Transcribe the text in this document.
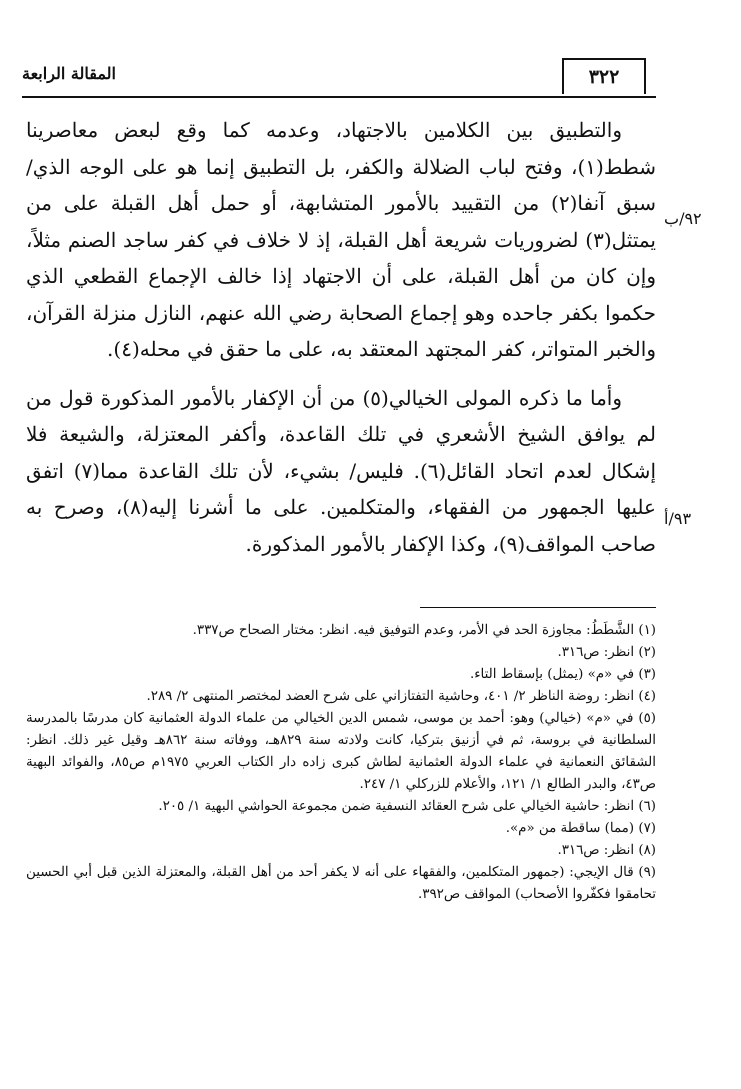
٣٢٢
المقالة الرابعة
٩٢/ب
٩٣/أ

والتطبيق بين الكلامين بالاجتهاد، وعدمه كما وقع لبعض معاصرينا شطط(١)، وفتح لباب الضلالة والكفر، بل التطبيق إنما هو على الوجه الذي/ سبق آنفا(٢) من التقييد بالأمور المتشابهة، أو حمل أهل القبلة على من يمتثل(٣) لضروريات شريعة أهل القبلة، إذ لا خلاف في كفر ساجد الصنم مثلاً، وإن كان من أهل القبلة، على أن الاجتهاد إذا خالف الإجماع القطعي الذي حكموا بكفر جاحده وهو إجماع الصحابة رضي الله عنهم، النازل منزلة القرآن، والخبر المتواتر، كفر المجتهد المعتقد به، على ما حقق في محله(٤).

وأما ما ذكره المولى الخيالي(٥) من أن الإكفار بالأمور المذكورة قول من لم يوافق الشيخ الأشعري في تلك القاعدة، وأكفر المعتزلة، والشيعة فلا إشكال لعدم اتحاد القائل(٦). فليس/ بشيء، لأن تلك القاعدة مما(٧) اتفق عليها الجمهور من الفقهاء، والمتكلمين. على ما أشرنا إليه(٨)، وصرح به صاحب المواقف(٩)، وكذا الإكفار بالأمور المذكورة.

(١) الشَّطَطُ: مجاوزة الحد في الأمر، وعدم التوفيق فيه. انظر: مختار الصحاح ص٣٣٧.

(٢) انظر: ص٣١٦.

(٣) في «م» (يمثل) بإسقاط التاء.

(٤) انظر: روضة الناظر ٢/ ٤٠١، وحاشية التفتازاني على شرح العضد لمختصر المنتهى ٢/ ٢٨٩.

(٥) في «م» (خيالي) وهو: أحمد بن موسى، شمس الدين الخيالي من علماء الدولة العثمانية كان مدرسًا بالمدرسة السلطانية في بروسة، ثم في أزنيق بتركيا، كانت ولادته سنة ٨٢٩هـ، ووفاته سنة ٨٦٢هـ وقيل غير ذلك. انظر: الشقائق النعمانية في علماء الدولة العثمانية لطاش كبرى زاده دار الكتاب العربي ١٩٧٥م ص٨٥، والفوائد البهية ص٤٣، والبدر الطالع ١/ ١٢١، والأعلام للزركلي ١/ ٢٤٧.

(٦) انظر: حاشية الخيالي على شرح العقائد النسفية ضمن مجموعة الحواشي البهية ١/ ٢٠٥.

(٧) (مما) ساقطة من «م».

(٨) انظر: ص٣١٦.

(٩) قال الإيجي: (جمهور المتكلمين، والفقهاء على أنه لا يكفر أحد من أهل القبلة، والمعتزلة الذين قبل أبي الحسين تحامقوا فكفّروا الأصحاب) المواقف ص٣٩٢.
